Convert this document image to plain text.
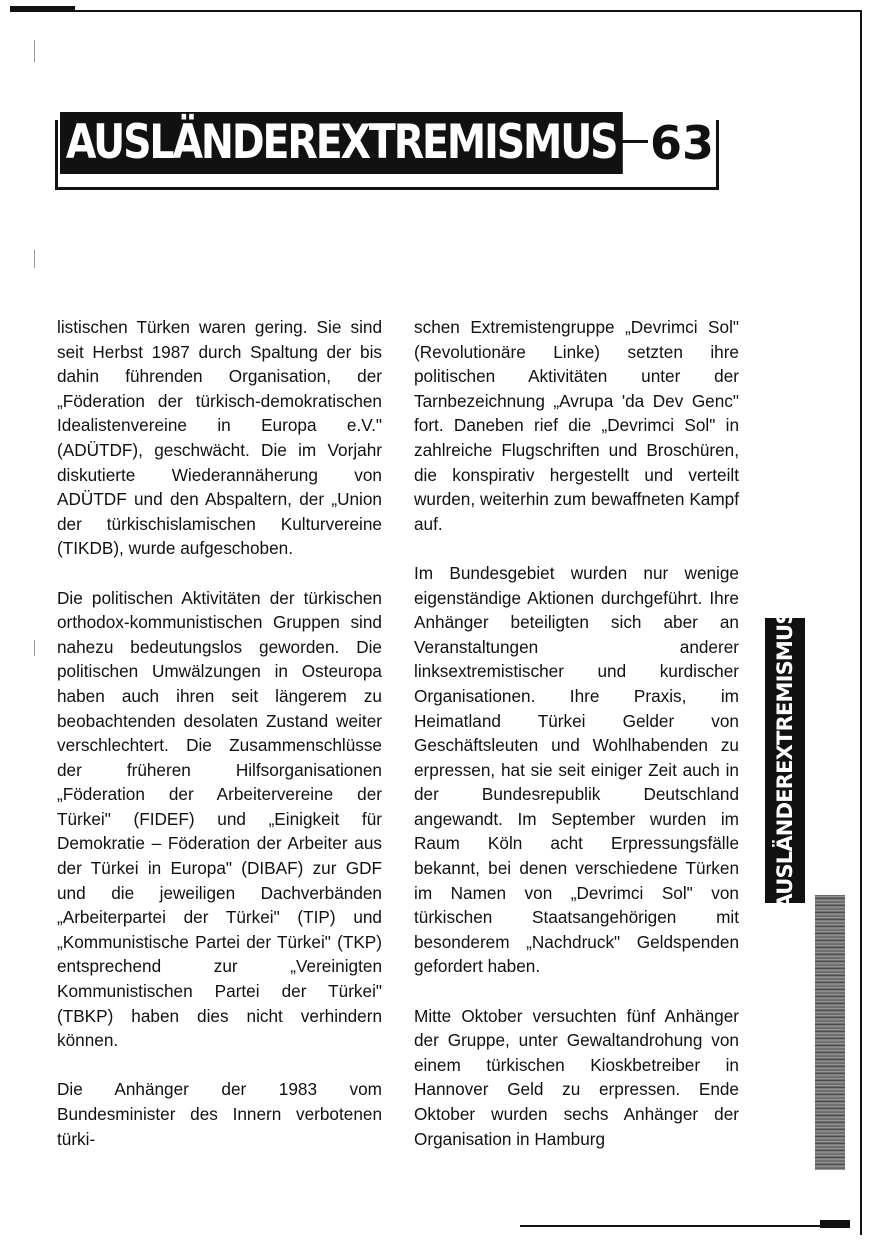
AUSLÄNDEREXTREMISMUS 63

listischen Türken waren gering. Sie sind seit Herbst 1987 durch Spaltung der bis dahin führenden Organisation, der „Föderation der türkisch-demokratischen Idealistenvereine in Europa e.V." (ADÜTDF), geschwächt. Die im Vorjahr diskutierte Wiederannäherung von ADÜTDF und den Abspaltern, der „Union der türkischislamischen Kulturvereine (TIKDB), wurde aufgeschoben.

Die politischen Aktivitäten der türkischen orthodox-kommunistischen Gruppen sind nahezu bedeutungslos geworden. Die politischen Umwälzungen in Osteuropa haben auch ihren seit längerem zu beobachtenden desolaten Zustand weiter verschlechtert. Die Zusammenschlüsse der früheren Hilfsorganisationen „Föderation der Arbeitervereine der Türkei" (FIDEF) und „Einigkeit für Demokratie – Föderation der Arbeiter aus der Türkei in Europa" (DIBAF) zur GDF und die jeweiligen Dachverbänden „Arbeiterpartei der Türkei" (TIP) und „Kommunistische Partei der Türkei" (TKP) entsprechend zur „Vereinigten Kommunistischen Partei der Türkei" (TBKP) haben dies nicht verhindern können.

Die Anhänger der 1983 vom Bundesminister des Innern verbotenen türki-

schen Extremistengruppe „Devrimci Sol" (Revolutionäre Linke) setzten ihre politischen Aktivitäten unter der Tarnbezeichnung „Avrupa 'da Dev Genc" fort. Daneben rief die „Devrimci Sol" in zahlreiche Flugschriften und Broschüren, die konspirativ hergestellt und verteilt wurden, weiterhin zum bewaffneten Kampf auf.

Im Bundesgebiet wurden nur wenige eigenständige Aktionen durchgeführt. Ihre Anhänger beteiligten sich aber an Veranstaltungen anderer linksextremistischer und kurdischer Organisationen. Ihre Praxis, im Heimatland Türkei Gelder von Geschäftsleuten und Wohlhabenden zu erpressen, hat sie seit einiger Zeit auch in der Bundesrepublik Deutschland angewandt. Im September wurden im Raum Köln acht Erpressungsfälle bekannt, bei denen verschiedene Türken im Namen von „Devrimci Sol" von türkischen Staatsangehörigen mit besonderem „Nachdruck" Geldspenden gefordert haben.

Mitte Oktober versuchten fünf Anhänger der Gruppe, unter Gewaltandrohung von einem türkischen Kioskbetreiber in Hannover Geld zu erpressen. Ende Oktober wurden sechs Anhänger der Organisation in Hamburg

AUSLÄNDEREXTREMISMUS
